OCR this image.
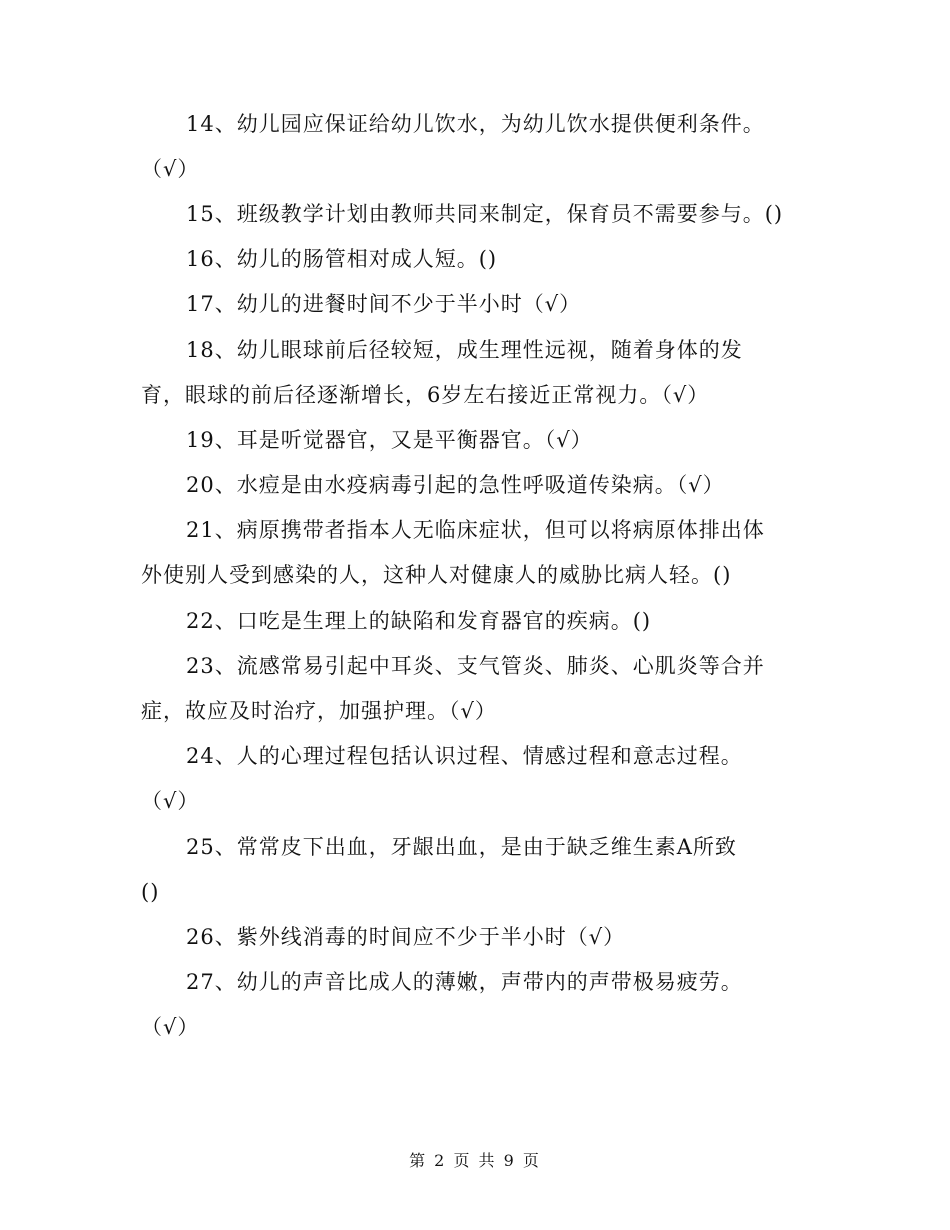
14、幼儿园应保证给幼儿饮水，为幼儿饮水提供便利条件。
（√）
15、班级教学计划由教师共同来制定，保育员不需要参与。()
16、幼儿的肠管相对成人短。()
17、幼儿的进餐时间不少于半小时（√）
18、幼儿眼球前后径较短，成生理性远视，随着身体的发
育，眼球的前后径逐渐增长，6岁左右接近正常视力。（√）
19、耳是听觉器官，又是平衡器官。（√）
20、水痘是由水疫病毒引起的急性呼吸道传染病。（√）
21、病原携带者指本人无临床症状，但可以将病原体排出体
外使别人受到感染的人，这种人对健康人的威胁比病人轻。()
22、口吃是生理上的缺陷和发育器官的疾病。()
23、流感常易引起中耳炎、支气管炎、肺炎、心肌炎等合并
症，故应及时治疗，加强护理。（√）
24、人的心理过程包括认识过程、情感过程和意志过程。
（√）
25、常常皮下出血，牙龈出血，是由于缺乏维生素A所致
()
26、紫外线消毒的时间应不少于半小时（√）
27、幼儿的声音比成人的薄嫩，声带内的声带极易疲劳。
（√）
第 2 页 共 9 页
